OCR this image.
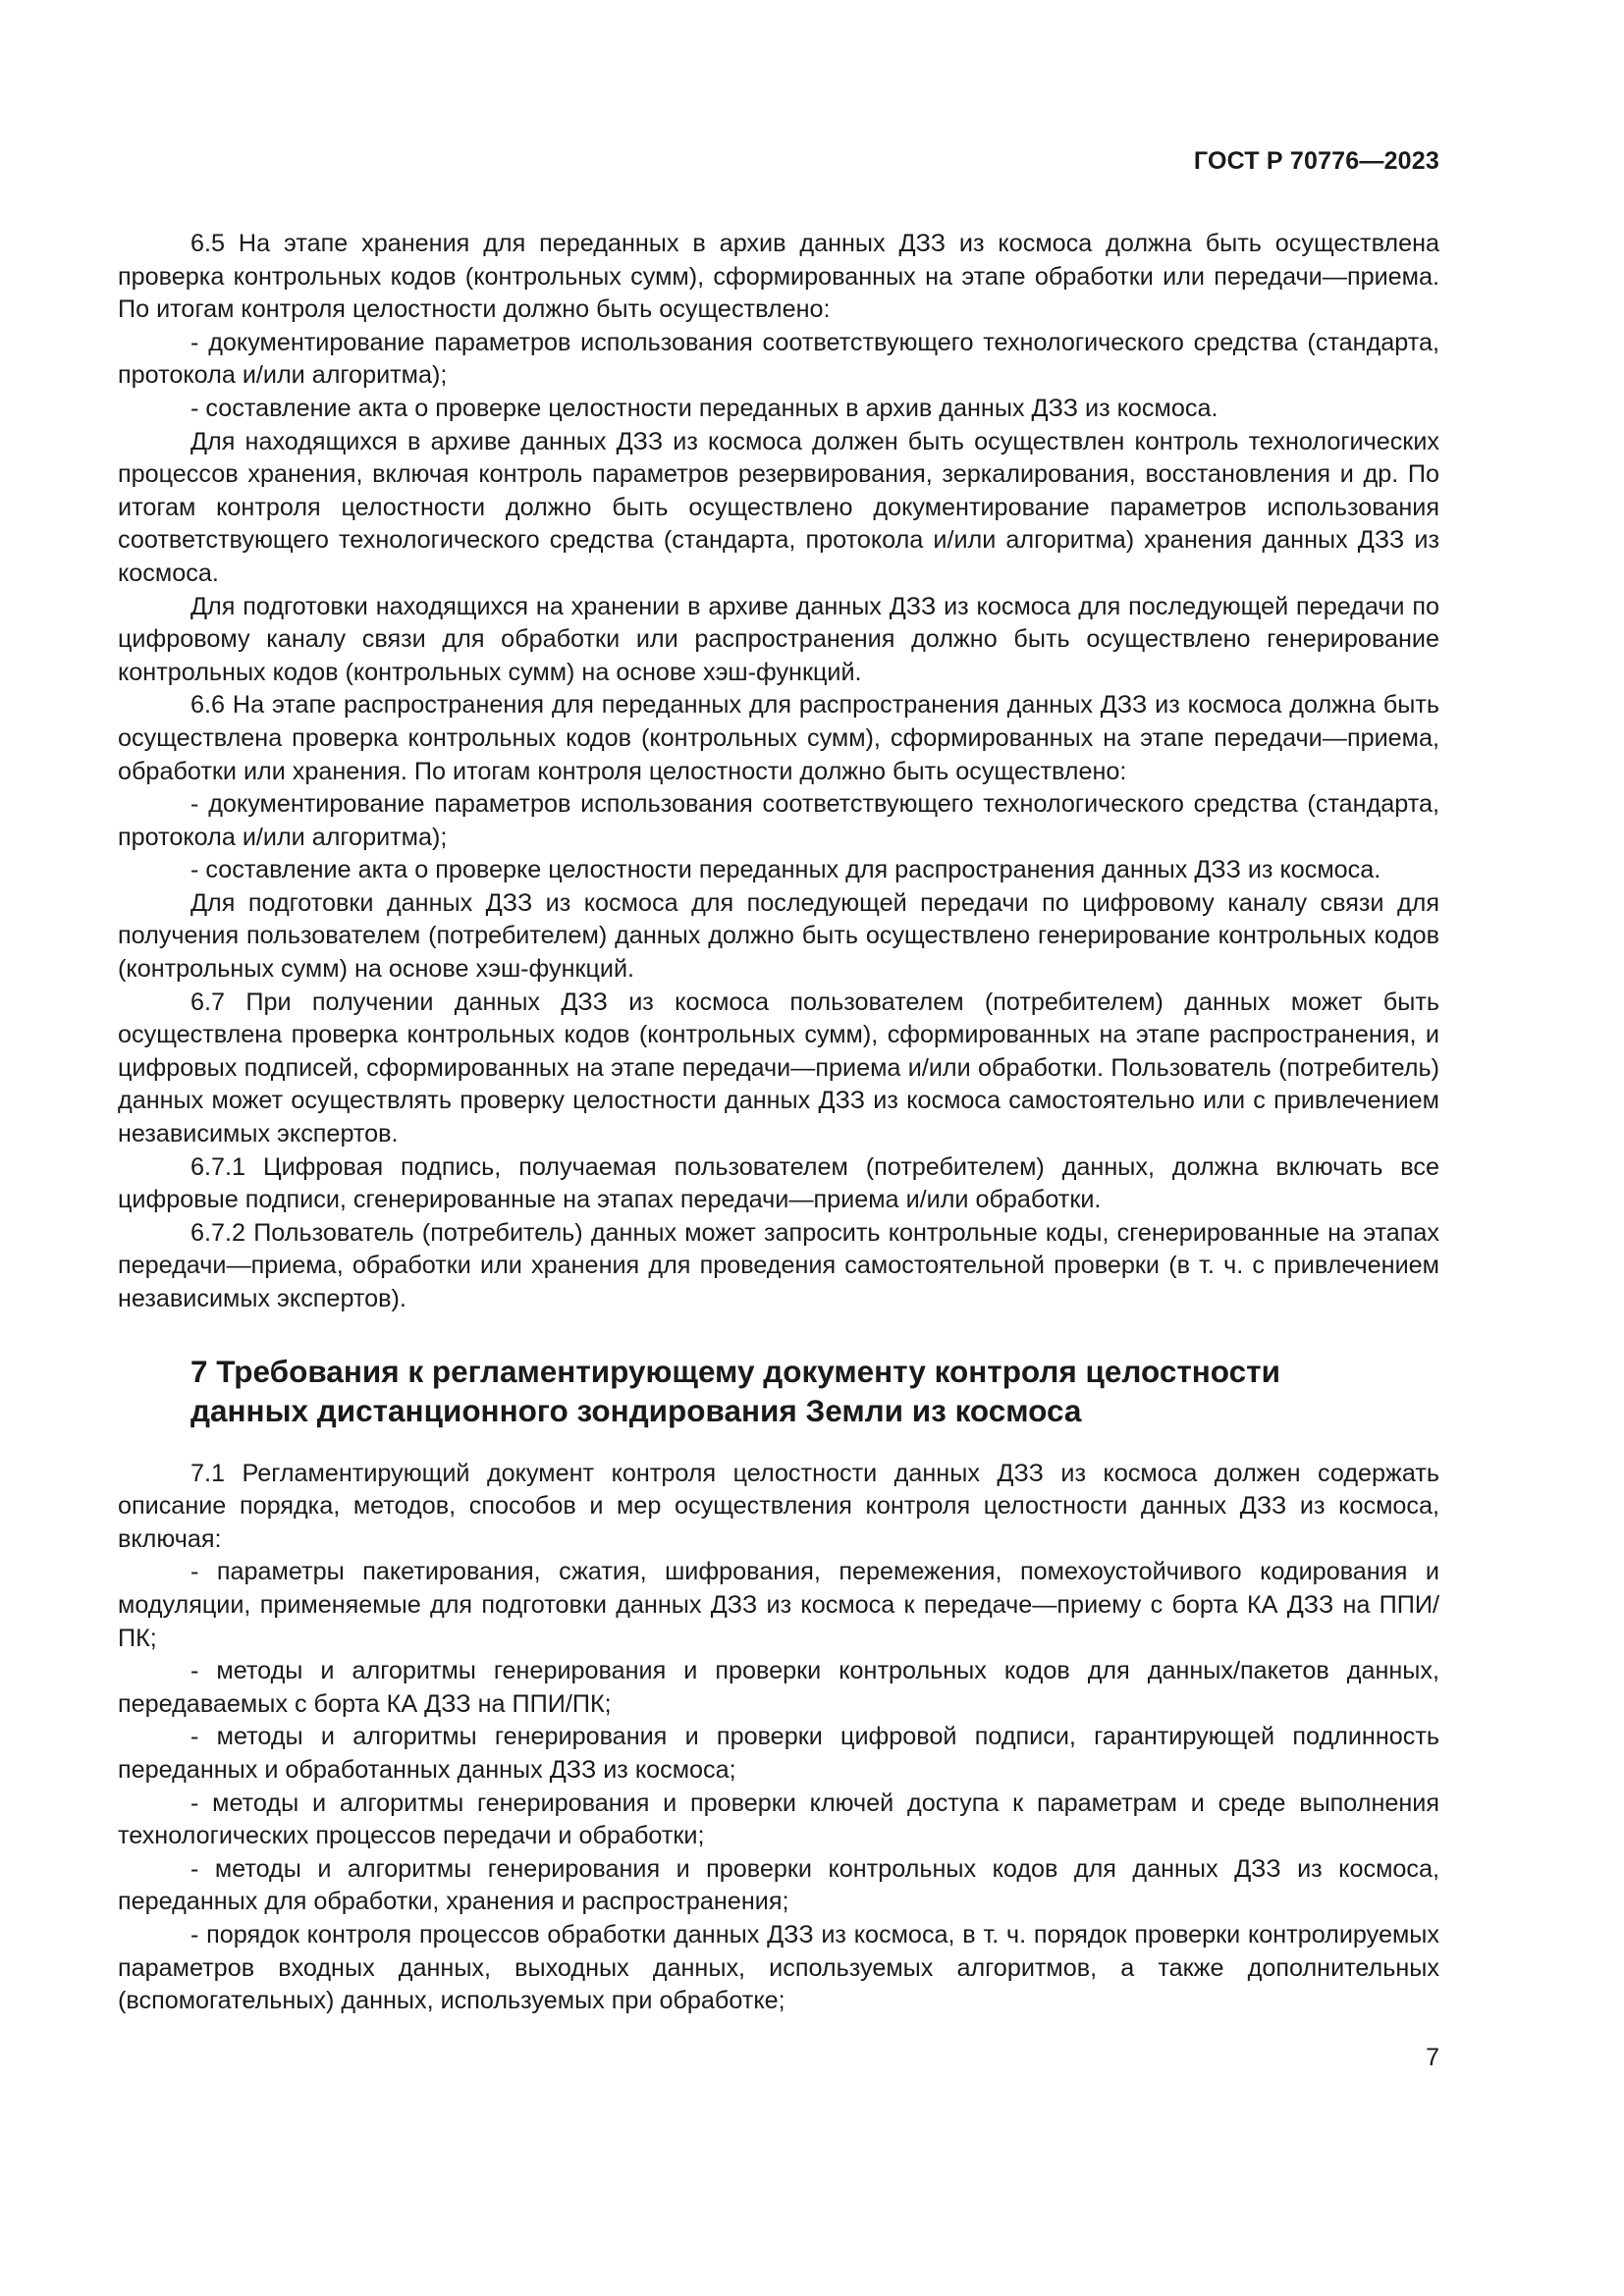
ГОСТ Р 70776—2023

6.5 На этапе хранения для переданных в архив данных ДЗЗ из космоса должна быть осуществлена проверка контрольных кодов (контрольных сумм), сформированных на этапе обработки или передачи—приема. По итогам контроля целостности должно быть осуществлено:

- документирование параметров использования соответствующего технологического средства (стандарта, протокола и/или алгоритма);

- составление акта о проверке целостности переданных в архив данных ДЗЗ из космоса.

Для находящихся в архиве данных ДЗЗ из космоса должен быть осуществлен контроль технологических процессов хранения, включая контроль параметров резервирования, зеркалирования, восстановления и др. По итогам контроля целостности должно быть осуществлено документирование параметров использования соответствующего технологического средства (стандарта, протокола и/или алгоритма) хранения данных ДЗЗ из космоса.

Для подготовки находящихся на хранении в архиве данных ДЗЗ из космоса для последующей передачи по цифровому каналу связи для обработки или распространения должно быть осуществлено генерирование контрольных кодов (контрольных сумм) на основе хэш-функций.

6.6 На этапе распространения для переданных для распространения данных ДЗЗ из космоса должна быть осуществлена проверка контрольных кодов (контрольных сумм), сформированных на этапе передачи—приема, обработки или хранения. По итогам контроля целостности должно быть осуществлено:

- документирование параметров использования соответствующего технологического средства (стандарта, протокола и/или алгоритма);

- составление акта о проверке целостности переданных для распространения данных ДЗЗ из космоса.

Для подготовки данных ДЗЗ из космоса для последующей передачи по цифровому каналу связи для получения пользователем (потребителем) данных должно быть осуществлено генерирование контрольных кодов (контрольных сумм) на основе хэш-функций.

6.7 При получении данных ДЗЗ из космоса пользователем (потребителем) данных может быть осуществлена проверка контрольных кодов (контрольных сумм), сформированных на этапе распространения, и цифровых подписей, сформированных на этапе передачи—приема и/или обработки. Пользователь (потребитель) данных может осуществлять проверку целостности данных ДЗЗ из космоса самостоятельно или с привлечением независимых экспертов.

6.7.1 Цифровая подпись, получаемая пользователем (потребителем) данных, должна включать все цифровые подписи, сгенерированные на этапах передачи—приема и/или обработки.

6.7.2 Пользователь (потребитель) данных может запросить контрольные коды, сгенерированные на этапах передачи—приема, обработки или хранения для проведения самостоятельной проверки (в т. ч. с привлечением независимых экспертов).

7 Требования к регламентирующему документу контроля целостности
данных дистанционного зондирования Земли из космоса

7.1 Регламентирующий документ контроля целостности данных ДЗЗ из космоса должен содержать описание порядка, методов, способов и мер осуществления контроля целостности данных ДЗЗ из космоса, включая:

- параметры пакетирования, сжатия, шифрования, перемежения, помехоустойчивого кодирования и модуляции, применяемые для подготовки данных ДЗЗ из космоса к передаче—приему с борта КА ДЗЗ на ППИ/ПК;

- методы и алгоритмы генерирования и проверки контрольных кодов для данных/пакетов данных, передаваемых с борта КА ДЗЗ на ППИ/ПК;

- методы и алгоритмы генерирования и проверки цифровой подписи, гарантирующей подлинность переданных и обработанных данных ДЗЗ из космоса;

- методы и алгоритмы генерирования и проверки ключей доступа к параметрам и среде выполнения технологических процессов передачи и обработки;

- методы и алгоритмы генерирования и проверки контрольных кодов для данных ДЗЗ из космоса, переданных для обработки, хранения и распространения;

- порядок контроля процессов обработки данных ДЗЗ из космоса, в т. ч. порядок проверки контролируемых параметров входных данных, выходных данных, используемых алгоритмов, а также дополнительных (вспомогательных) данных, используемых при обработке;

7
